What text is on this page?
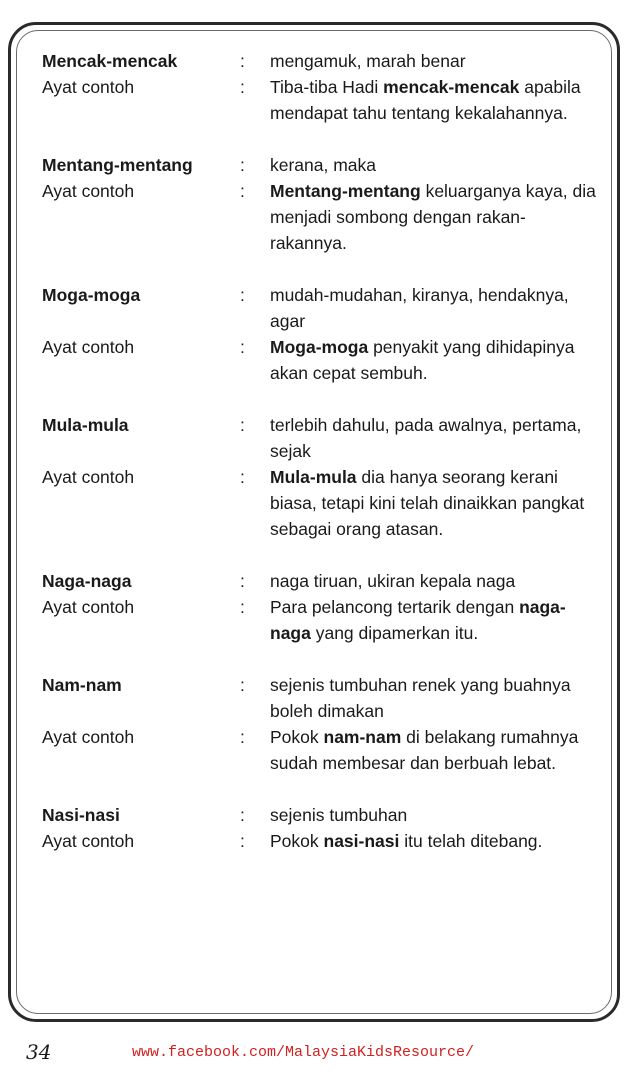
Mencak-mencak	:	mengamuk, marah benar
Ayat contoh	:	Tiba-tiba Hadi mencak-mencak apabila mendapat tahu tentang kekalahannya.
Mentang-mentang	:	kerana, maka
Ayat contoh	:	Mentang-mentang keluarganya kaya, dia menjadi sombong dengan rakan-rakannya.
Moga-moga	:	mudah-mudahan, kiranya, hendaknya, agar
Ayat contoh	:	Moga-moga penyakit yang dihidapinya akan cepat sembuh.
Mula-mula	:	terlebih dahulu, pada awalnya, pertama, sejak
Ayat contoh	:	Mula-mula dia hanya seorang kerani biasa, tetapi kini telah dinaikkan pangkat sebagai orang atasan.
Naga-naga	:	naga tiruan, ukiran kepala naga
Ayat contoh	:	Para pelancong tertarik dengan naga-naga yang dipamerkan itu.
Nam-nam	:	sejenis tumbuhan renek yang buahnya boleh dimakan
Ayat contoh	:	Pokok nam-nam di belakang rumahnya sudah membesar dan berbuah lebat.
Nasi-nasi	:	sejenis tumbuhan
Ayat contoh	:	Pokok nasi-nasi itu telah ditebang.
34	www.facebook.com/MalaysiaKidsResource/
